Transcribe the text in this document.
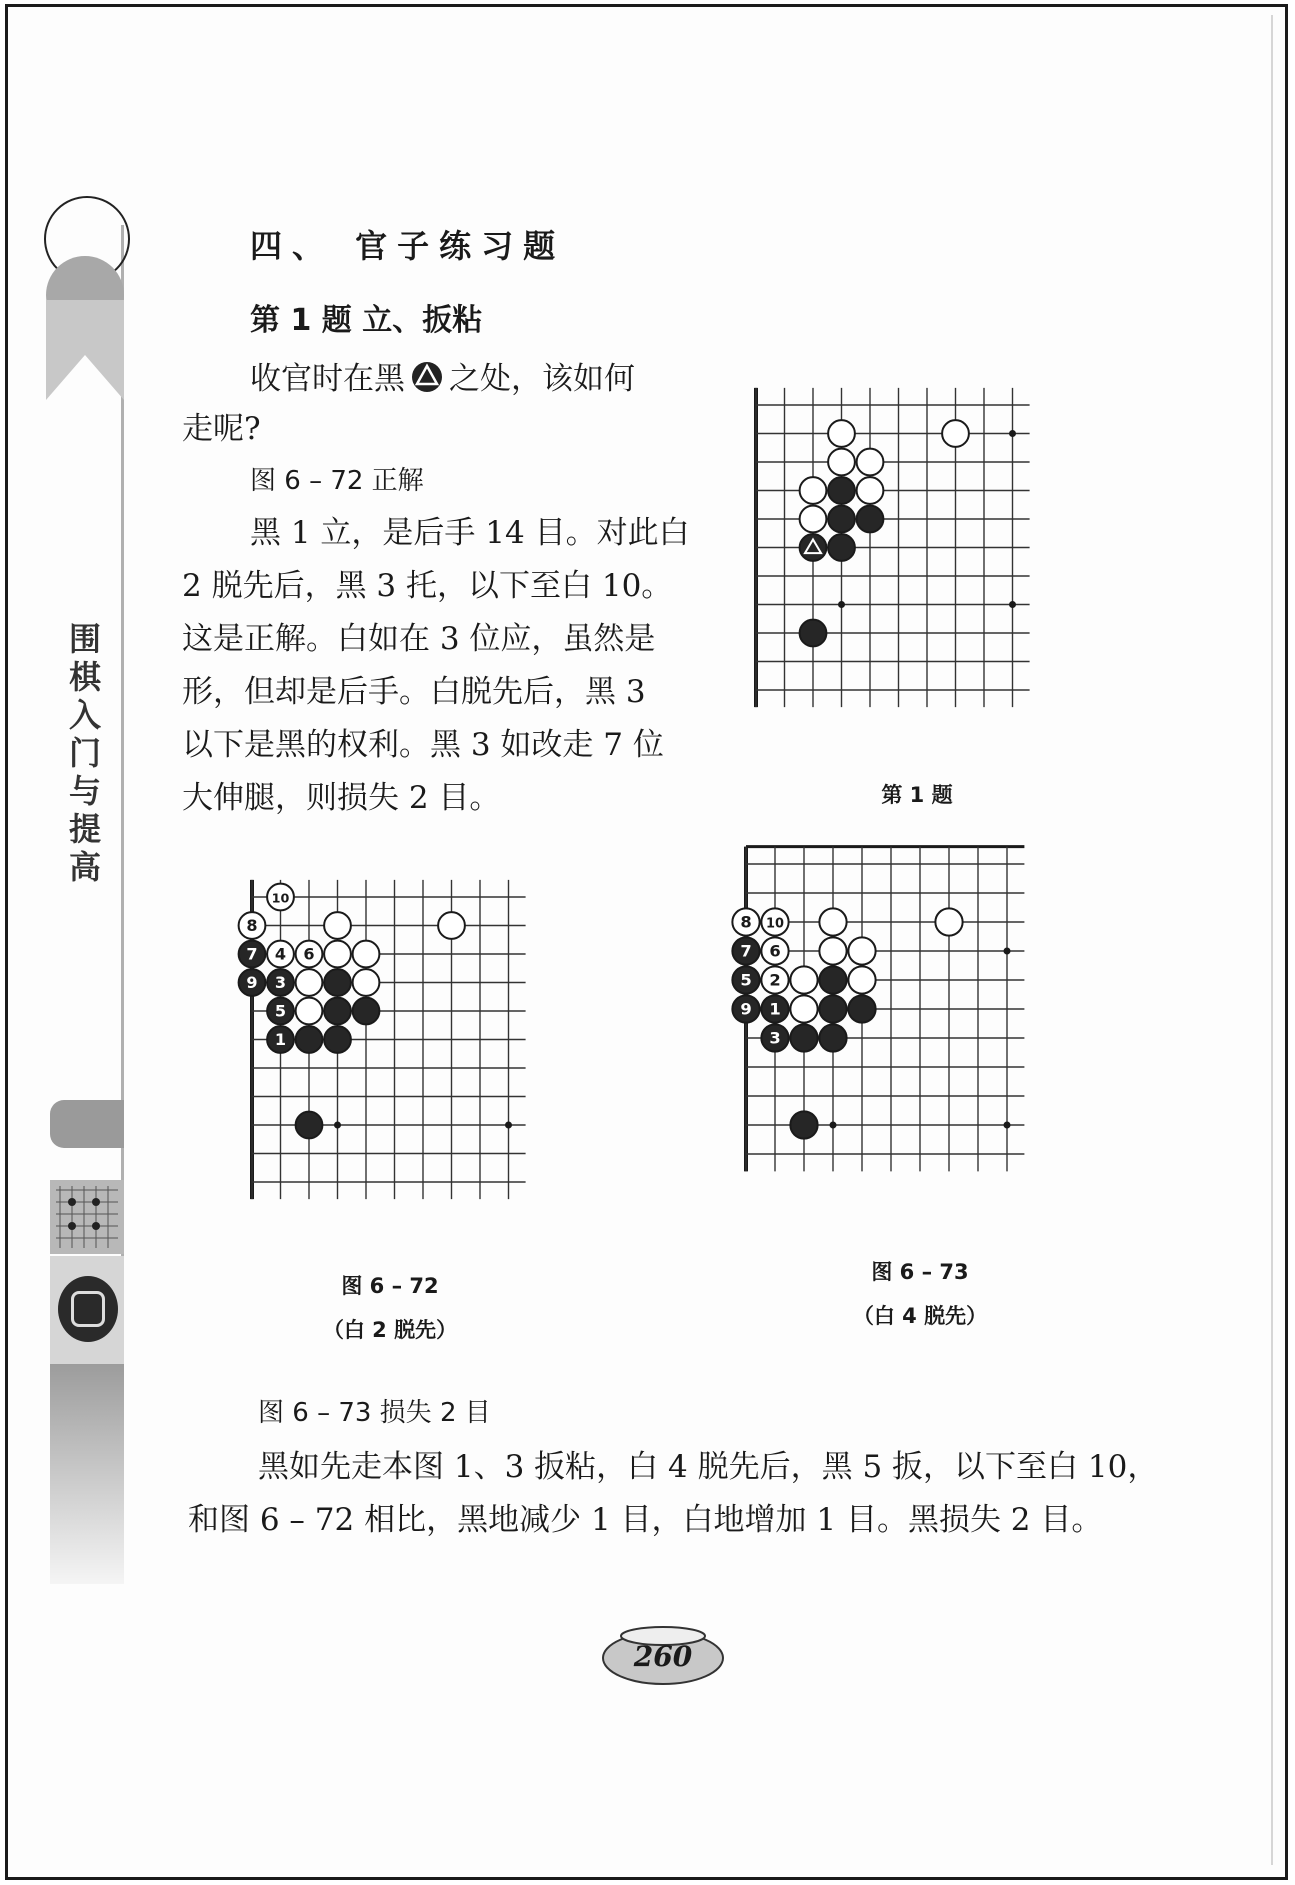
围
棋
入
门
与
提
高
四、 官子练习题
第 1 题 立、扳粘
收官时在黑 之处，该如何
走呢?
图 6 – 72 正解
黑 1 立，是后手 14 目。对此白
2 脱先后，黑 3 托，以下至白 10。
这是正解。白如在 3 位应，虽然是
形，但却是后手。白脱先后，黑 3
以下是黑的权利。黑 3 如改走 7 位
大伸腿，则损失 2 目。
10
8
7 4 6
9 3
5
1
8 10
7 6
5 2
9 1
3
第 1 题
图 6 – 72
（白 2 脱先）
图 6 – 73
（白 4 脱先）
图 6 – 73 损失 2 目
黑如先走本图 1、3 扳粘，白 4 脱先后，黑 5 扳，以下至白 10，
和图 6 – 72 相比，黑地减少 1 目，白地增加 1 目。黑损失 2 目。
260
